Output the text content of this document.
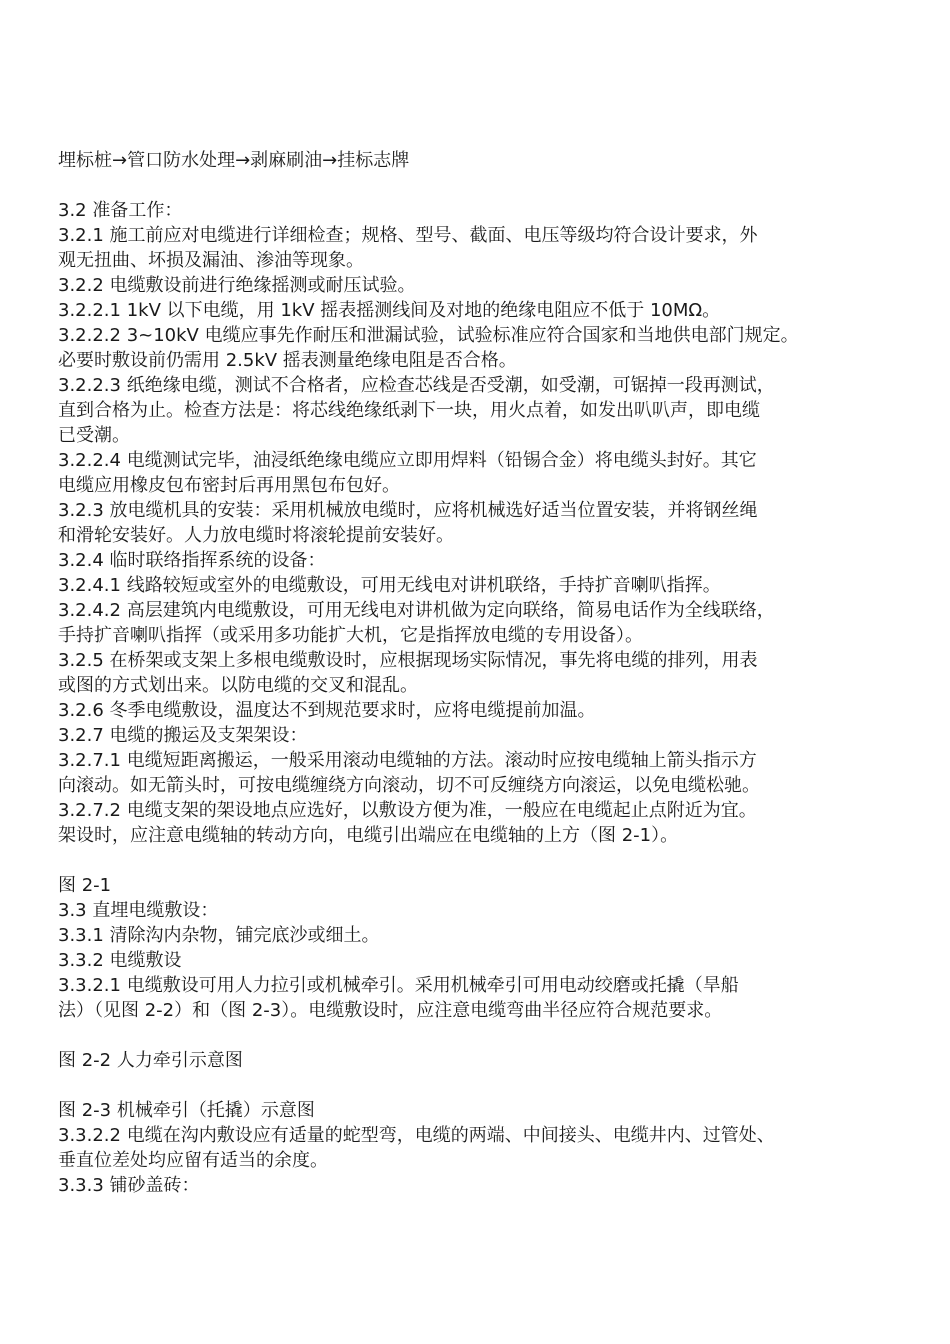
埋标桩→管口防水处理→剥麻刷油→挂标志牌
3.2 准备工作：
3.2.1 施工前应对电缆进行详细检查；规格、型号、截面、电压等级均符合设计要求，外
观无扭曲、坏损及漏油、渗油等现象。
3.2.2 电缆敷设前进行绝缘摇测或耐压试验。
3.2.2.1 1kV 以下电缆，用 1kV 摇表摇测线间及对地的绝缘电阻应不低于 10MΩ。
3.2.2.2 3~10kV 电缆应事先作耐压和泄漏试验，试验标准应符合国家和当地供电部门规定。
必要时敷设前仍需用 2.5kV 摇表测量绝缘电阻是否合格。
3.2.2.3 纸绝缘电缆，测试不合格者，应检查芯线是否受潮，如受潮，可锯掉一段再测试，
直到合格为止。检查方法是：将芯线绝缘纸剥下一块，用火点着，如发出叭叭声，即电缆
已受潮。
3.2.2.4 电缆测试完毕，油浸纸绝缘电缆应立即用焊料（铅锡合金）将电缆头封好。其它
电缆应用橡皮包布密封后再用黑包布包好。
3.2.3 放电缆机具的安装：采用机械放电缆时，应将机械选好适当位置安装，并将钢丝绳
和滑轮安装好。人力放电缆时将滚轮提前安装好。
3.2.4 临时联络指挥系统的设备：
3.2.4.1 线路较短或室外的电缆敷设，可用无线电对讲机联络，手持扩音喇叭指挥。
3.2.4.2 高层建筑内电缆敷设，可用无线电对讲机做为定向联络，简易电话作为全线联络，
手持扩音喇叭指挥（或采用多功能扩大机，它是指挥放电缆的专用设备）。
3.2.5 在桥架或支架上多根电缆敷设时，应根据现场实际情况，事先将电缆的排列，用表
或图的方式划出来。以防电缆的交叉和混乱。
3.2.6 冬季电缆敷设，温度达不到规范要求时，应将电缆提前加温。
3.2.7 电缆的搬运及支架架设：
3.2.7.1 电缆短距离搬运，一般采用滚动电缆轴的方法。滚动时应按电缆轴上箭头指示方
向滚动。如无箭头时，可按电缆缠绕方向滚动，切不可反缠绕方向滚运，以免电缆松驰。
3.2.7.2 电缆支架的架设地点应选好，以敷设方便为准，一般应在电缆起止点附近为宜。
架设时，应注意电缆轴的转动方向，电缆引出端应在电缆轴的上方（图 2-1）。
图 2-1
3.3 直埋电缆敷设：
3.3.1 清除沟内杂物，铺完底沙或细土。
3.3.2 电缆敷设
3.3.2.1 电缆敷设可用人力拉引或机械牵引。采用机械牵引可用电动绞磨或托撬（旱船
法）（见图 2-2）和（图 2-3）。电缆敷设时，应注意电缆弯曲半径应符合规范要求。
图 2-2 人力牵引示意图
图 2-3 机械牵引（托撬）示意图
3.3.2.2 电缆在沟内敷设应有适量的蛇型弯，电缆的两端、中间接头、电缆井内、过管处、
垂直位差处均应留有适当的余度。
3.3.3 铺砂盖砖：
